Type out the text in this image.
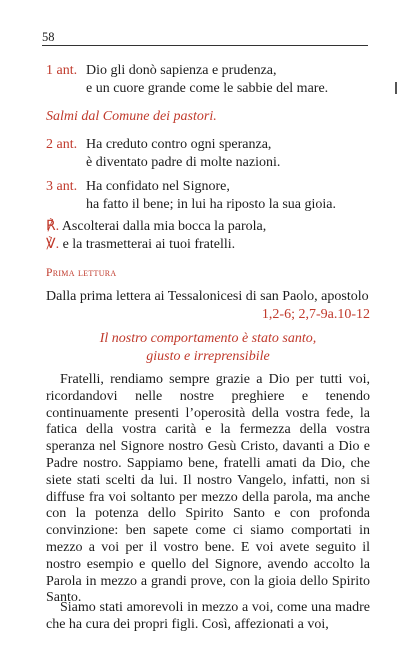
58
1 ant. Dio gli donò sapienza e prudenza,
e un cuore grande come le sabbie del mare.
Salmi dal Comune dei pastori.
2 ant. Ha creduto contro ogni speranza,
è diventato padre di molte nazioni.
3 ant. Ha confidato nel Signore,
ha fatto il bene; in lui ha riposto la sua gioia.
℟. Ascolterai dalla mia bocca la parola,
℣. e la trasmetterai ai tuoi fratelli.
Prima lettura
Dalla prima lettera ai Tessalonicesi di san Paolo, apostolo
1,2-6; 2,7-9a.10-12
Il nostro comportamento è stato santo,
giusto e irreprensibile
Fratelli, rendiamo sempre grazie a Dio per tutti voi, ricordandovi nelle nostre preghiere e tenendo continuamente presenti l’operosità della vostra fede, la fatica della vostra carità e la fermezza della vostra speranza nel Signore nostro Gesù Cristo, davanti a Dio e Padre nostro. Sappiamo bene, fratelli amati da Dio, che siete stati scelti da lui. Il nostro Vangelo, infatti, non si diffuse fra voi soltanto per mezzo della parola, ma anche con la potenza dello Spirito Santo e con profonda convinzione: ben sapete come ci siamo comportati in mezzo a voi per il vostro bene. E voi avete seguito il nostro esempio e quello del Signore, avendo accolto la Parola in mezzo a grandi prove, con la gioia dello Spirito Santo.
Siamo stati amorevoli in mezzo a voi, come una madre che ha cura dei propri figli. Così, affezionati a voi,
